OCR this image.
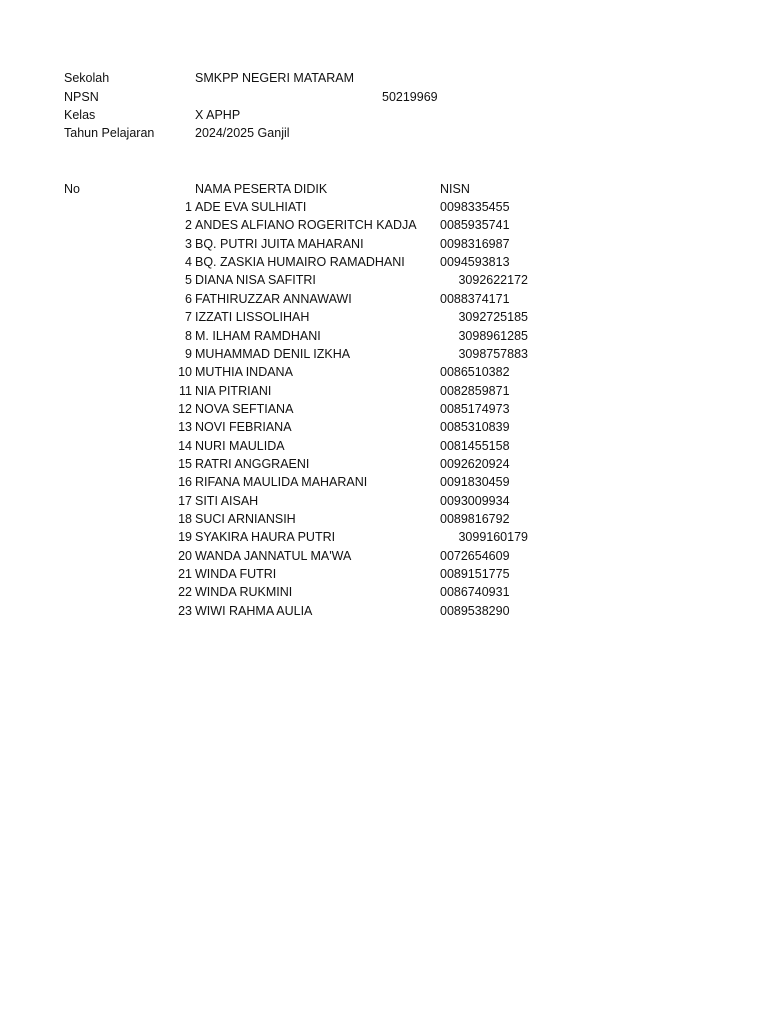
Sekolah	SMKPP NEGERI MATARAM
NPSN	50219969
Kelas	X APHP
Tahun Pelajaran	2024/2025 Ganjil
No	NAMA PESERTA DIDIK	NISN
1 ADE EVA SULHIATI	0098335455
2 ANDES ALFIANO ROGERITCH KADJA 0085935741
3 BQ. PUTRI JUITA MAHARANI	0098316987
4 BQ. ZASKIA HUMAIRO RAMADHANI	0094593813
5 DIANA NISA SAFITRI	3092622172
6 FATHIRUZZAR ANNAWAWI	0088374171
7 IZZATI LISSOLIHAH	3092725185
8 M. ILHAM RAMDHANI	3098961285
9 MUHAMMAD DENIL IZKHA	3098757883
10 MUTHIA INDANA	0086510382
11 NIA PITRIANI	0082859871
12 NOVA SEFTIANA	0085174973
13 NOVI FEBRIANA	0085310839
14 NURI MAULIDA	0081455158
15 RATRI ANGGRAENI	0092620924
16 RIFANA MAULIDA MAHARANI	0091830459
17 SITI AISAH	0093009934
18 SUCI ARNIANSIH	0089816792
19 SYAKIRA HAURA PUTRI	3099160179
20 WANDA JANNATUL MA'WA	0072654609
21 WINDA FUTRI	0089151775
22 WINDA RUKMINI	0086740931
23 WIWI RAHMA AULIA	0089538290
